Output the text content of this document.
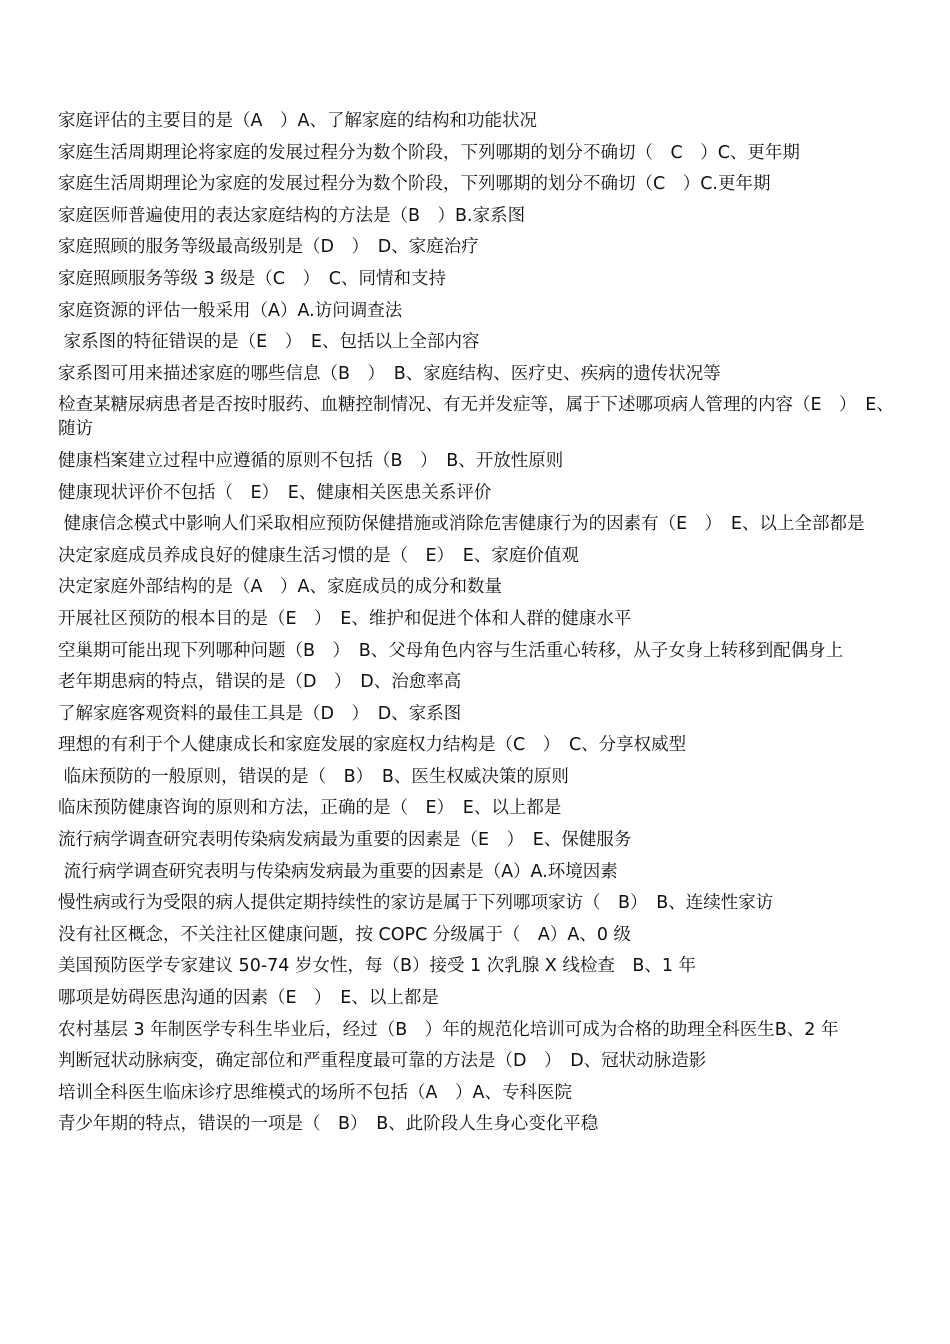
家庭评估的主要目的是（A　）A、了解家庭的结构和功能状况

家庭生活周期理论将家庭的发展过程分为数个阶段，下列哪期的划分不确切（　C　）C、更年期

家庭生活周期理论为家庭的发展过程分为数个阶段，下列哪期的划分不确切（C　）C.更年期

家庭医师普遍使用的表达家庭结构的方法是（B　）B.家系图

家庭照顾的服务等级最高级别是（D　）　D、家庭治疗

家庭照顾服务等级 3 级是（C　）　C、同情和支持

家庭资源的评估一般采用（A）A.访问调查法

家系图的特征错误的是（E　）　E、包括以上全部内容

家系图可用来描述家庭的哪些信息（B　）　B、家庭结构、医疗史、疾病的遗传状况等

检查某糖尿病患者是否按时服药、血糖控制情况、有无并发症等，属于下述哪项病人管理的内容（E　）　E、随访

健康档案建立过程中应遵循的原则不包括（B　）　B、开放性原则

健康现状评价不包括（　E）　E、健康相关医患关系评价

健康信念模式中影响人们采取相应预防保健措施或消除危害健康行为的因素有（E　）　E、以上全部都是

决定家庭成员养成良好的健康生活习惯的是（　E）　E、家庭价值观

决定家庭外部结构的是（A　）A、家庭成员的成分和数量

开展社区预防的根本目的是（E　）　E、维护和促进个体和人群的健康水平

空巢期可能出现下列哪种问题（B　）　B、父母角色内容与生活重心转移，从子女身上转移到配偶身上

老年期患病的特点，错误的是（D　）　D、治愈率高

了解家庭客观资料的最佳工具是（D　）　D、家系图

理想的有利于个人健康成长和家庭发展的家庭权力结构是（C　）　C、分享权威型

临床预防的一般原则，错误的是（　B）　B、医生权威决策的原则

临床预防健康咨询的原则和方法，正确的是（　E）　E、以上都是

流行病学调查研究表明传染病发病最为重要的因素是（E　）　E、保健服务

流行病学调查研究表明与传染病发病最为重要的因素是（A）A.环境因素

慢性病或行为受限的病人提供定期持续性的家访是属于下列哪项家访（　B）　B、连续性家访

没有社区概念，不关注社区健康问题，按 COPC 分级属于（　A）A、0 级

美国预防医学专家建议 50-74 岁女性，每（B）接受 1 次乳腺 X 线检查　B、1 年

哪项是妨碍医患沟通的因素（E　）　E、以上都是

农村基层 3 年制医学专科生毕业后，经过（B　）年的规范化培训可成为合格的助理全科医生B、2 年

判断冠状动脉病变，确定部位和严重程度最可靠的方法是（D　）　D、冠状动脉造影

培训全科医生临床诊疗思维模式的场所不包括（A　）A、专科医院

青少年期的特点，错误的一项是（　B）　B、此阶段人生身心变化平稳
